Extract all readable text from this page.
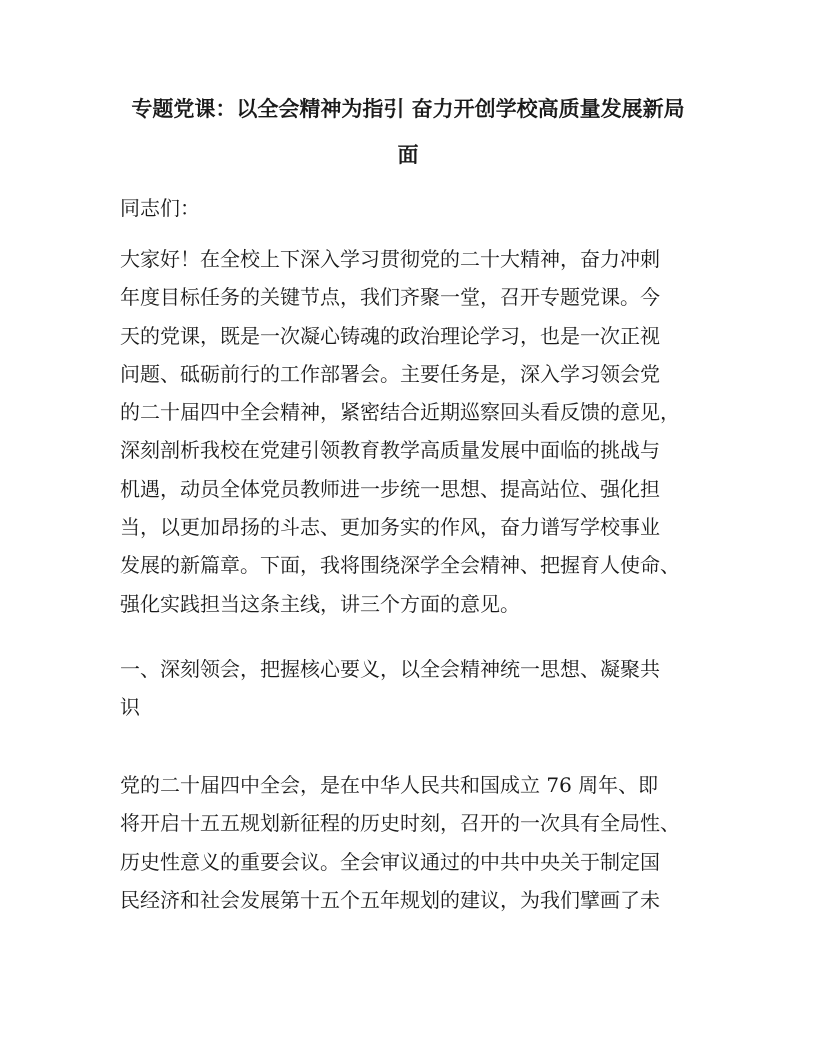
专题党课：以全会精神为指引 奋力开创学校高质量发展新局
面

同志们：

大家好！在全校上下深入学习贯彻党的二十大精神，奋力冲刺
年度目标任务的关键节点，我们齐聚一堂，召开专题党课。今
天的党课，既是一次凝心铸魂的政治理论学习，也是一次正视
问题、砥砺前行的工作部署会。主要任务是，深入学习领会党
的二十届四中全会精神，紧密结合近期巡察回头看反馈的意见，
深刻剖析我校在党建引领教育教学高质量发展中面临的挑战与
机遇，动员全体党员教师进一步统一思想、提高站位、强化担
当，以更加昂扬的斗志、更加务实的作风，奋力谱写学校事业
发展的新篇章。下面，我将围绕深学全会精神、把握育人使命、
强化实践担当这条主线，讲三个方面的意见。

一、深刻领会，把握核心要义，以全会精神统一思想、凝聚共
识

党的二十届四中全会，是在中华人民共和国成立 76 周年、即
将开启十五五规划新征程的历史时刻，召开的一次具有全局性、
历史性意义的重要会议。全会审议通过的中共中央关于制定国
民经济和社会发展第十五个五年规划的建议，为我们擘画了未
